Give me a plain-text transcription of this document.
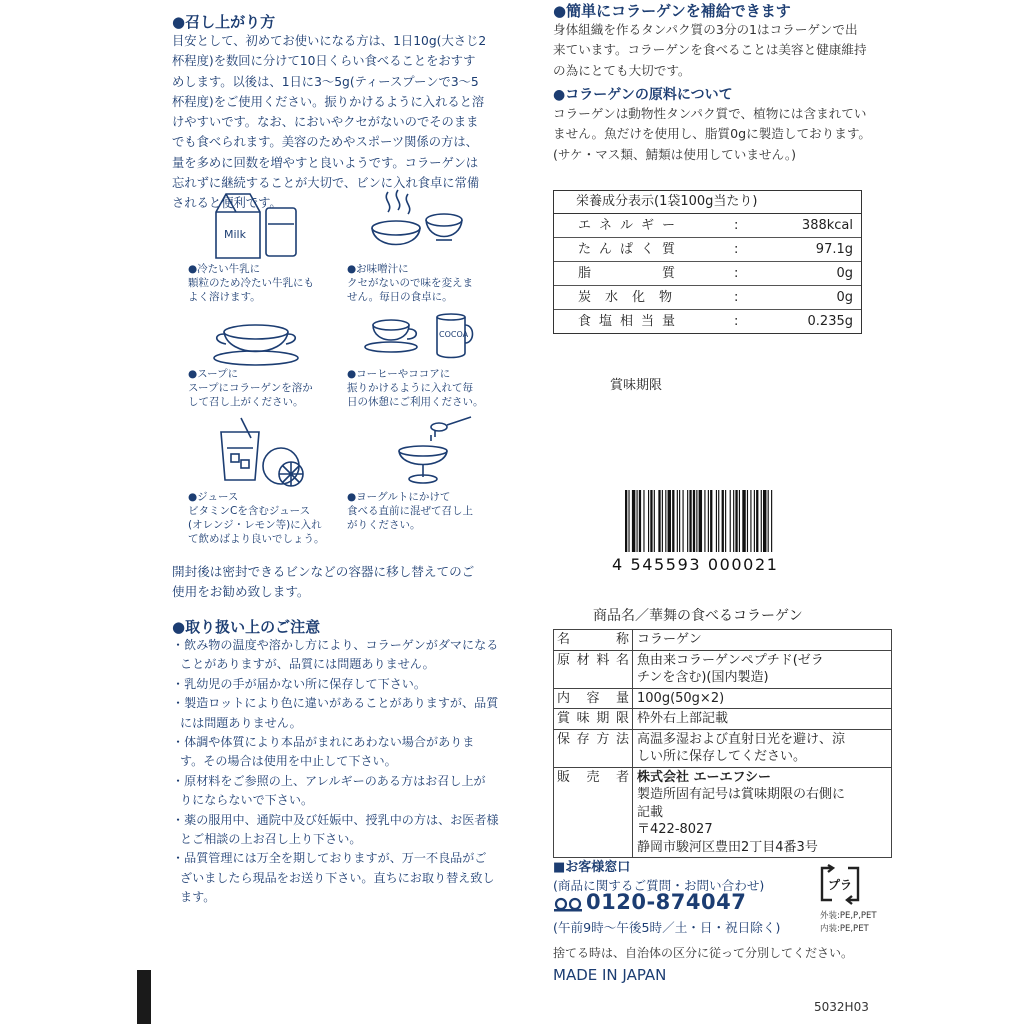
●召し上がり方
目安として、初めてお使いになる方は、1日10g(大さじ2
杯程度)を数回に分けて10日くらい食べることをおすす
めします。以後は、1日に3～5g(ティースプーンで3～5
杯程度)をご使用ください。振りかけるように入れると溶
けやすいです。なお、においやクセがないのでそのまま
でも食べられます。美容のためやスポーツ関係の方は、
量を多めに回数を増やすと良いようです。コラーゲンは
忘れずに継続することが大切で、ビンに入れ食卓に常備
されると便利です。
Milk
●冷たい牛乳に
顆粒のため冷たい牛乳にも
よく溶けます。
●お味噌汁に
クセがないので味を変えま
せん。毎日の食卓に。
●スープに
スープにコラーゲンを溶か
して召し上がください。
COCOA
●コーヒーやココアに
振りかけるように入れて毎
日の休憩にご利用ください。
●ジュース
ビタミンCを含むジュース
(オレンジ・レモン等)に入れ
て飲めばより良いでしょう。
●ヨーグルトにかけて
食べる直前に混ぜて召し上
がりください。
開封後は密封できるビンなどの容器に移し替えてのご
使用をお勧め致します。
●取り扱い上のご注意
・飲み物の温度や溶かし方により、コラーゲンがダマになる
ことがありますが、品質には問題ありません。
・乳幼児の手が届かない所に保存して下さい。
・製造ロットにより色に違いがあることがありますが、品質
には問題ありません。
・体調や体質により本品がまれにあわない場合がありま
す。その場合は使用を中止して下さい。
・原材料をご参照の上、アレルギーのある方はお召し上が
りにならないで下さい。
・薬の服用中、通院中及び妊娠中、授乳中の方は、お医者様
とご相談の上お召し上り下さい。
・品質管理には万全を期しておりますが、万一不良品がご
ざいましたら現品をお送り下さい。直ちにお取り替え致し
ます。
●簡単にコラーゲンを補給できます
身体組織を作るタンパク質の3分の1はコラーゲンで出
来ています。コラーゲンを食べることは美容と健康維持
の為にとても大切です。
●コラーゲンの原料について
コラーゲンは動物性タンパク質で、植物には含まれてい
ません。魚だけを使用し、脂質0gに製造しております。
(サケ・マス類、鯖類は使用していません。)
栄養成分表示(1袋100g当たり)
エネルギー	:	388kcal
たんぱく質	:	97.1g
脂　　　質	:	0g
炭水化物	:	0g
食塩相当量	:	0.235g
賞味期限
4 545593 000021
商品名／華舞の食べるコラーゲン
名称	コラーゲン

原材料名	魚由来コラーゲンペプチド(ゼラ
チンを含む)(国内製造)

内容量	100g(50g×2)

賞味期限	枠外右上部記載

保存方法	高温多湿および直射日光を避け、涼
しい所に保存してください。

販売者	株式会社 エーエフシー
製造所固有記号は賞味期限の右側に
記載
〒422-8027
静岡市駿河区豊田2丁目4番3号
■お客様窓口
(商品に関するご質問・お問い合わせ)
0120-874047
(午前9時～午後5時／土・日・祝日除く)
プラ
外装:PE,P,PET
内装:PE,PET
捨てる時は、自治体の区分に従って分別してください。
MADE IN JAPAN
5032H03
